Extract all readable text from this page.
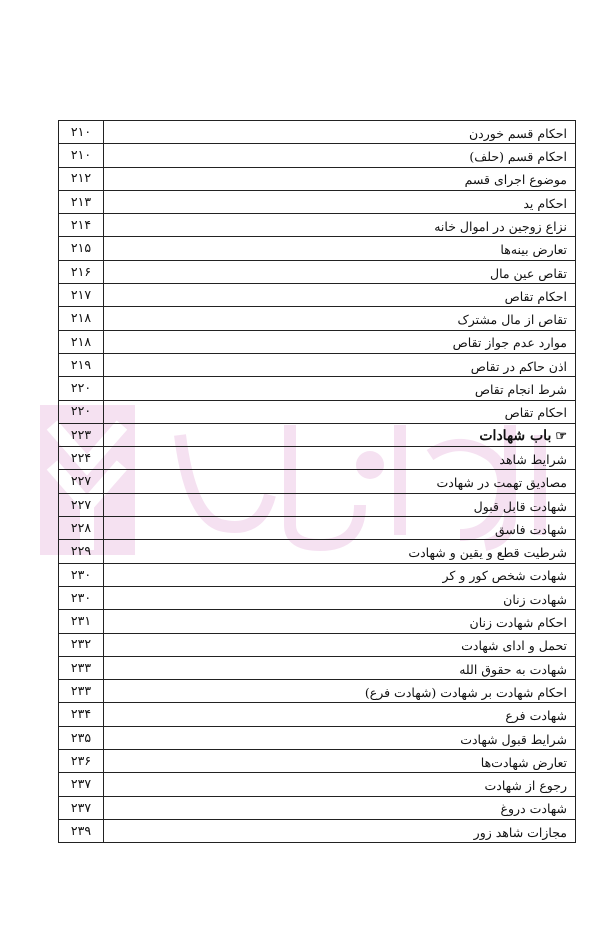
۲۱۰	احکام قسم خوردن
۲۱۰	احکام قسم (حلف)
۲۱۲	موضوع اجرای قسم
۲۱۳	احکام ید
۲۱۴	نزاع زوجین در اموال خانه
۲۱۵	تعارض بینه‌ها
۲۱۶	تقاص عین مال
۲۱۷	احکام تقاص
۲۱۸	تقاص از مال مشترک
۲۱۸	موارد عدم جواز تقاص
۲۱۹	اذن حاکم در تقاص
۲۲۰	شرط انجام تقاص
۲۲۰	احکام تقاص
۲۲۳	☞باب شهادات
۲۲۴	شرایط شاهد
۲۲۷	مصادیق تهمت در شهادت
۲۲۷	شهادت قابل قبول
۲۲۸	شهادت فاسق
۲۲۹	شرطیت قطع و یقین و شهادت
۲۳۰	شهادت شخص کور و کر
۲۳۰	شهادت زنان
۲۳۱	احکام شهادت زنان
۲۳۲	تحمل و ادای شهادت
۲۳۳	شهادت به حقوق الله
۲۳۳	احکام شهادت بر شهادت (شهادت فرع)
۲۳۴	شهادت فرع
۲۳۵	شرایط قبول شهادت
۲۳۶	تعارض شهادت‌ها
۲۳۷	رجوع از شهادت
۲۳۷	شهادت دروغ
۲۳۹	مجازات شاهد زور
